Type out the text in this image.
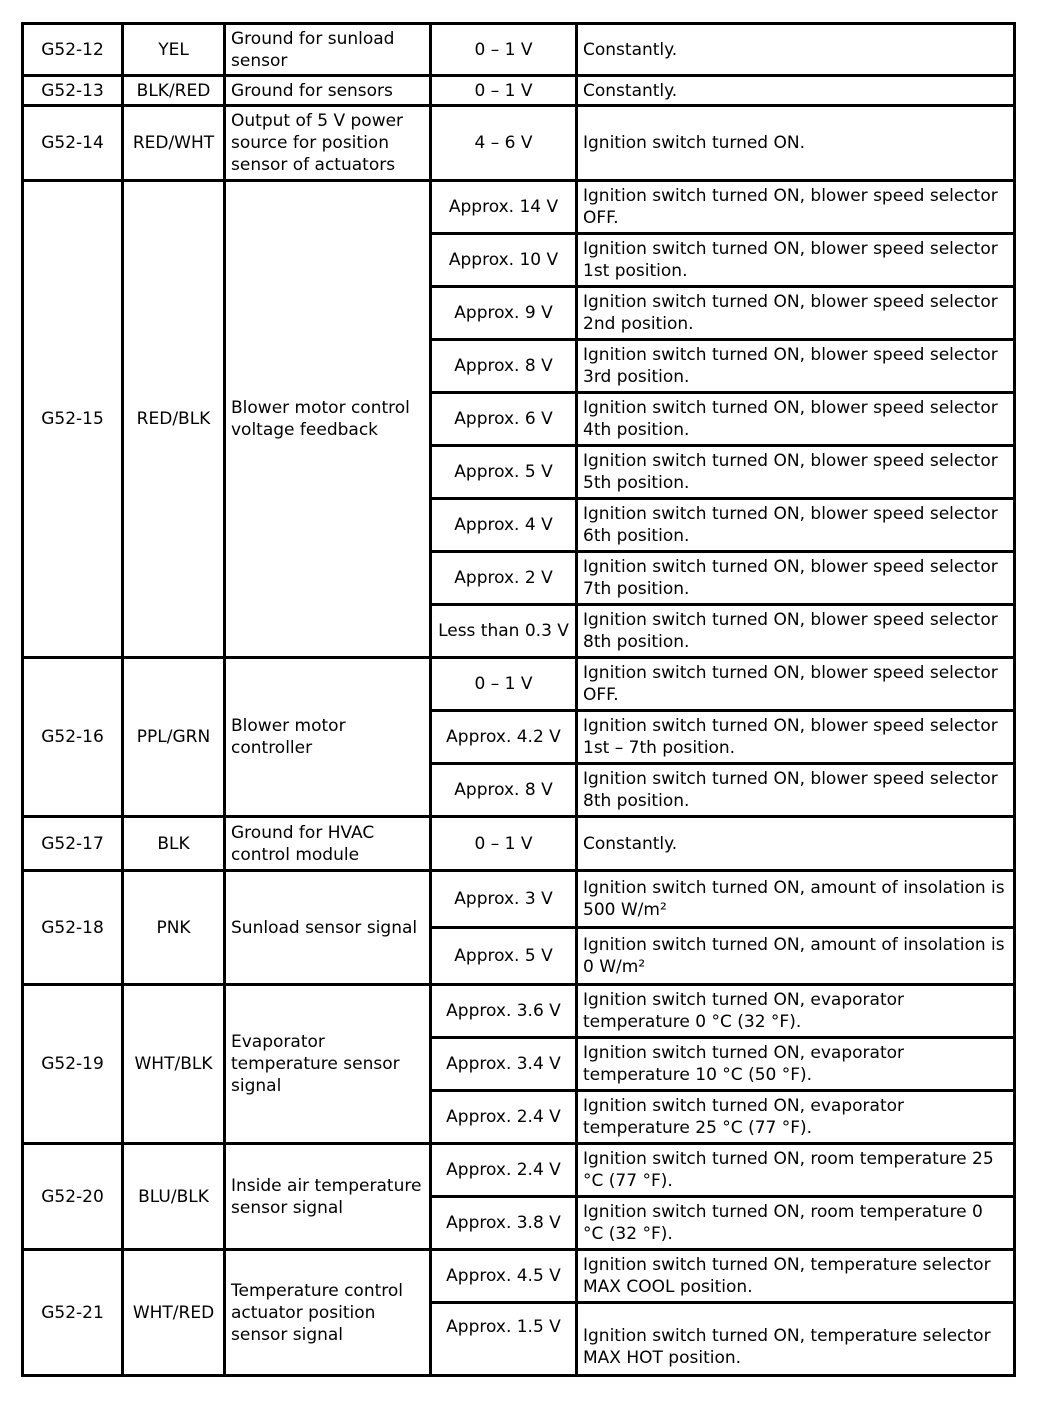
G52-12	YEL	Ground for sunload sensor	0 – 1 V	Constantly.
G52-13	BLK/RED	Ground for sensors	0 – 1 V	Constantly.
G52-14	RED/WHT	Output of 5 V power source for position sensor of actuators	4 – 6 V	Ignition switch turned ON.
G52-15	RED/BLK	Blower motor control voltage feedback	Approx. 14 V	Ignition switch turned ON, blower speed selector OFF.
			Approx. 10 V	Ignition switch turned ON, blower speed selector 1st position.
			Approx. 9 V	Ignition switch turned ON, blower speed selector 2nd position.
			Approx. 8 V	Ignition switch turned ON, blower speed selector 3rd position.
			Approx. 6 V	Ignition switch turned ON, blower speed selector 4th position.
			Approx. 5 V	Ignition switch turned ON, blower speed selector 5th position.
			Approx. 4 V	Ignition switch turned ON, blower speed selector 6th position.
			Approx. 2 V	Ignition switch turned ON, blower speed selector 7th position.
			Less than 0.3 V	Ignition switch turned ON, blower speed selector 8th position.
G52-16	PPL/GRN	Blower motor controller	0 – 1 V	Ignition switch turned ON, blower speed selector OFF.
			Approx. 4.2 V	Ignition switch turned ON, blower speed selector 1st – 7th position.
			Approx. 8 V	Ignition switch turned ON, blower speed selector 8th position.
G52-17	BLK	Ground for HVAC control module	0 – 1 V	Constantly.
G52-18	PNK	Sunload sensor signal	Approx. 3 V	Ignition switch turned ON, amount of insolation is 500 W/m²
			Approx. 5 V	Ignition switch turned ON, amount of insolation is 0 W/m²
G52-19	WHT/BLK	Evaporator temperature sensor signal	Approx. 3.6 V	Ignition switch turned ON, evaporator temperature 0 °C (32 °F).
			Approx. 3.4 V	Ignition switch turned ON, evaporator temperature 10 °C (50 °F).
			Approx. 2.4 V	Ignition switch turned ON, evaporator temperature 25 °C (77 °F).
G52-20	BLU/BLK	Inside air temperature sensor signal	Approx. 2.4 V	Ignition switch turned ON, room temperature 25 °C (77 °F).
			Approx. 3.8 V	Ignition switch turned ON, room temperature 0 °C (32 °F).
G52-21	WHT/RED	Temperature control actuator position sensor signal	Approx. 4.5 V	Ignition switch turned ON, temperature selector MAX COOL position.
			Approx. 1.5 V	Ignition switch turned ON, temperature selector MAX HOT position.
